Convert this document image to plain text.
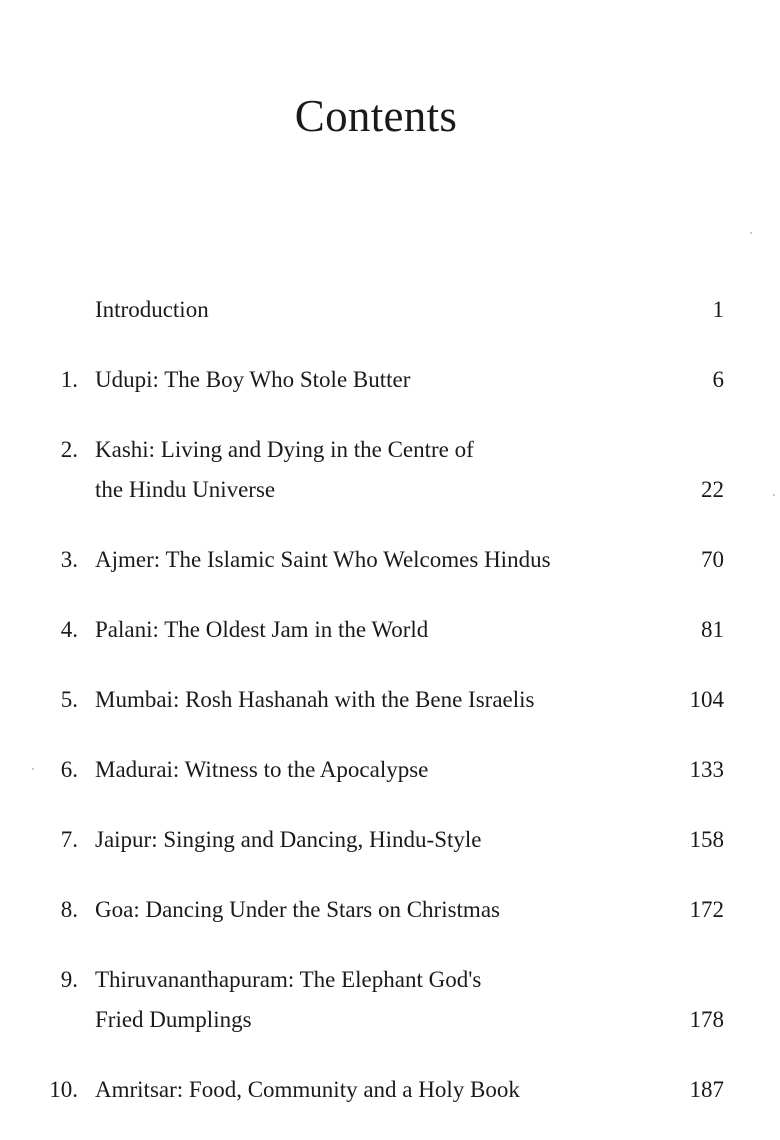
Contents
Introduction	1
1. Udupi: The Boy Who Stole Butter	6
2. Kashi: Living and Dying in the Centre of
the Hindu Universe	22
3. Ajmer: The Islamic Saint Who Welcomes Hindus	70
4. Palani: The Oldest Jam in the World	81
5. Mumbai: Rosh Hashanah with the Bene Israelis	104
6. Madurai: Witness to the Apocalypse	133
7. Jaipur: Singing and Dancing, Hindu-Style	158
8. Goa: Dancing Under the Stars on Christmas	172
9. Thiruvananthapuram: The Elephant God's
Fried Dumplings	178
10. Amritsar: Food, Community and a Holy Book	187
